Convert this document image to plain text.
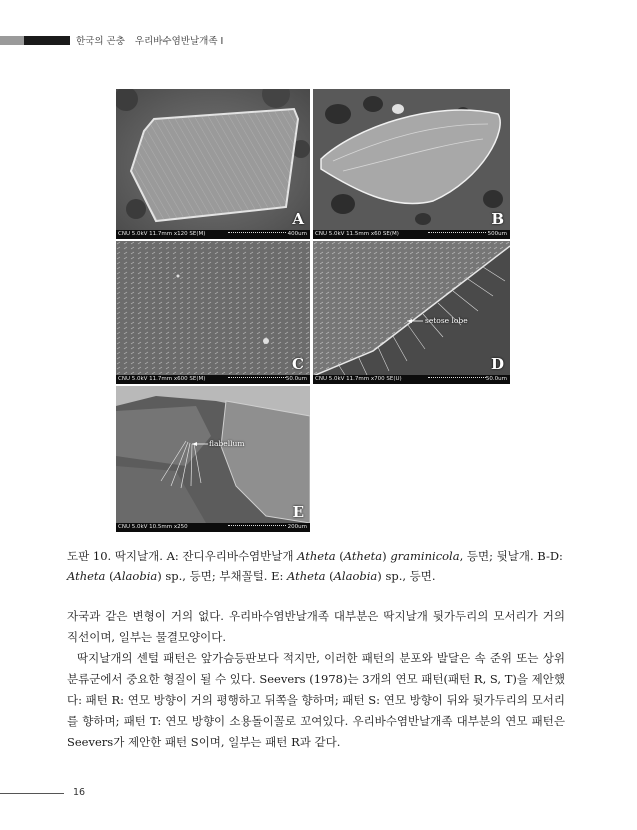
한국의 곤충 우리바수염반날개족 I
A
CNU 5.0kV 11.7mm x120 SE(M)	400um
B
CNU 5.0kV 11.5mm x60 SE(M)	500um
C
CNU 5.0kV 11.7mm x600 SE(M)	50.0um
setose lobe
D
CNU 5.0kV 11.7mm x700 SE(U)	50.0um
flabellum
E
CNU 5.0kV 10.5mm x250	200um
도판 10. 딱지날개. A: 잔디우리바수염반날개 Atheta (Atheta) graminicola, 등면; 뒷날개. B-D: Atheta (Alaobia) sp., 등면; 부채꼴털. E: Atheta (Alaobia) sp., 등면.

자국과 같은 변형이 거의 없다. 우리바수염반날개족 대부분은 딱지날개 뒷가두리의 모서리가 거의 직선이며, 일부는 물결모양이다.

딱지날개의 센털 패턴은 앞가슴등판보다 적지만, 이러한 패턴의 분포와 발달은 속 준위 또는 상위분류군에서 중요한 형질이 될 수 있다. Seevers (1978)는 3개의 연모 패턴(패턴 R, S, T)을 제안했다: 패턴 R: 연모 방향이 거의 평행하고 뒤쪽을 향하며; 패턴 S: 연모 방향이 뒤와 뒷가두리의 모서리를 향하며; 패턴 T: 연모 방향이 소용돌이꼴로 꼬여있다. 우리바수염반날개족 대부분의 연모 패턴은 Seevers가 제안한 패턴 S이며, 일부는 패턴 R과 같다.

16
